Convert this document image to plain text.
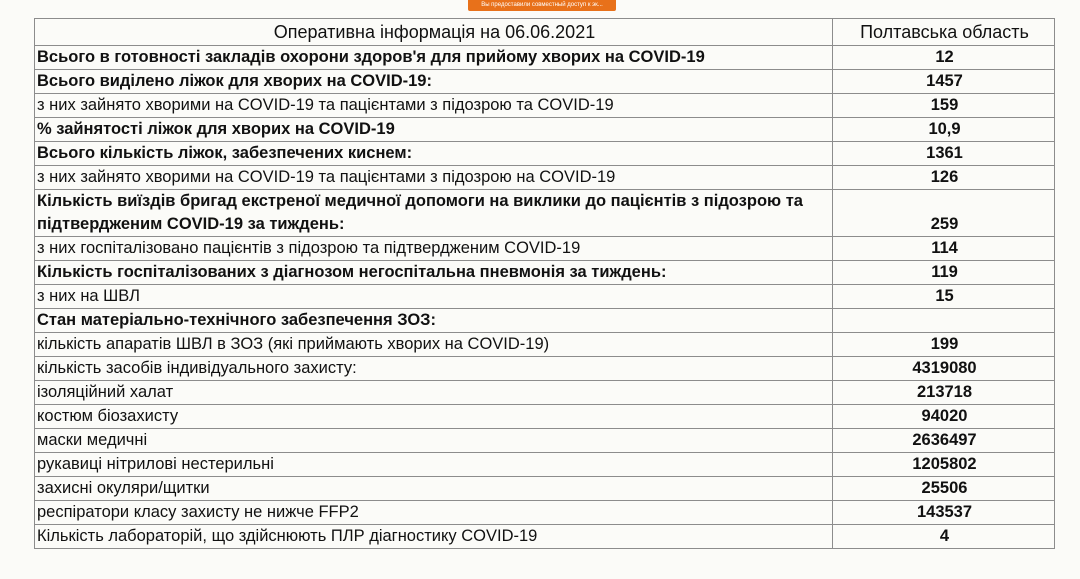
Вы предоставили совместный доступ к эк...
Оперативна інформація на 06.06.2021	Полтавська область
Всього в готовності закладів охорони здоров'я для прийому хворих на COVID-19	12
Всього виділено ліжок для хворих на COVID-19:	1457
з них зайнято хворими на COVID-19 та пацієнтами з підозрою та COVID-19	159
% зайнятості ліжок для хворих на COVID-19	10,9
Всього кількість ліжок, забезпечених киснем:	1361
з них зайнято хворими на COVID-19 та пацієнтами з підозрою на COVID-19	126
Кількість виїздів бригад екстреної медичної допомоги на виклики до пацієнтів з підозрою та підтвердженим COVID-19 за тиждень:	259
з них госпіталізовано пацієнтів з підозрою та підтвердженим COVID-19	114
Кількість госпіталізованих з діагнозом негоспітальна пневмонія за тиждень:	119
з них на ШВЛ	15
Стан матеріально-технічного забезпечення ЗОЗ:	
кількість апаратів ШВЛ в ЗОЗ (які приймають хворих на COVID-19)	199
кількість засобів індивідуального захисту:	4319080
ізоляційний халат	213718
костюм біозахисту	94020
маски медичні	2636497
рукавиці нітрилові нестерильні	1205802
захисні окуляри/щитки	25506
респіратори класу захисту не нижче FFP2	143537
Кількість лабораторій, що здійснюють ПЛР діагностику COVID-19	4
